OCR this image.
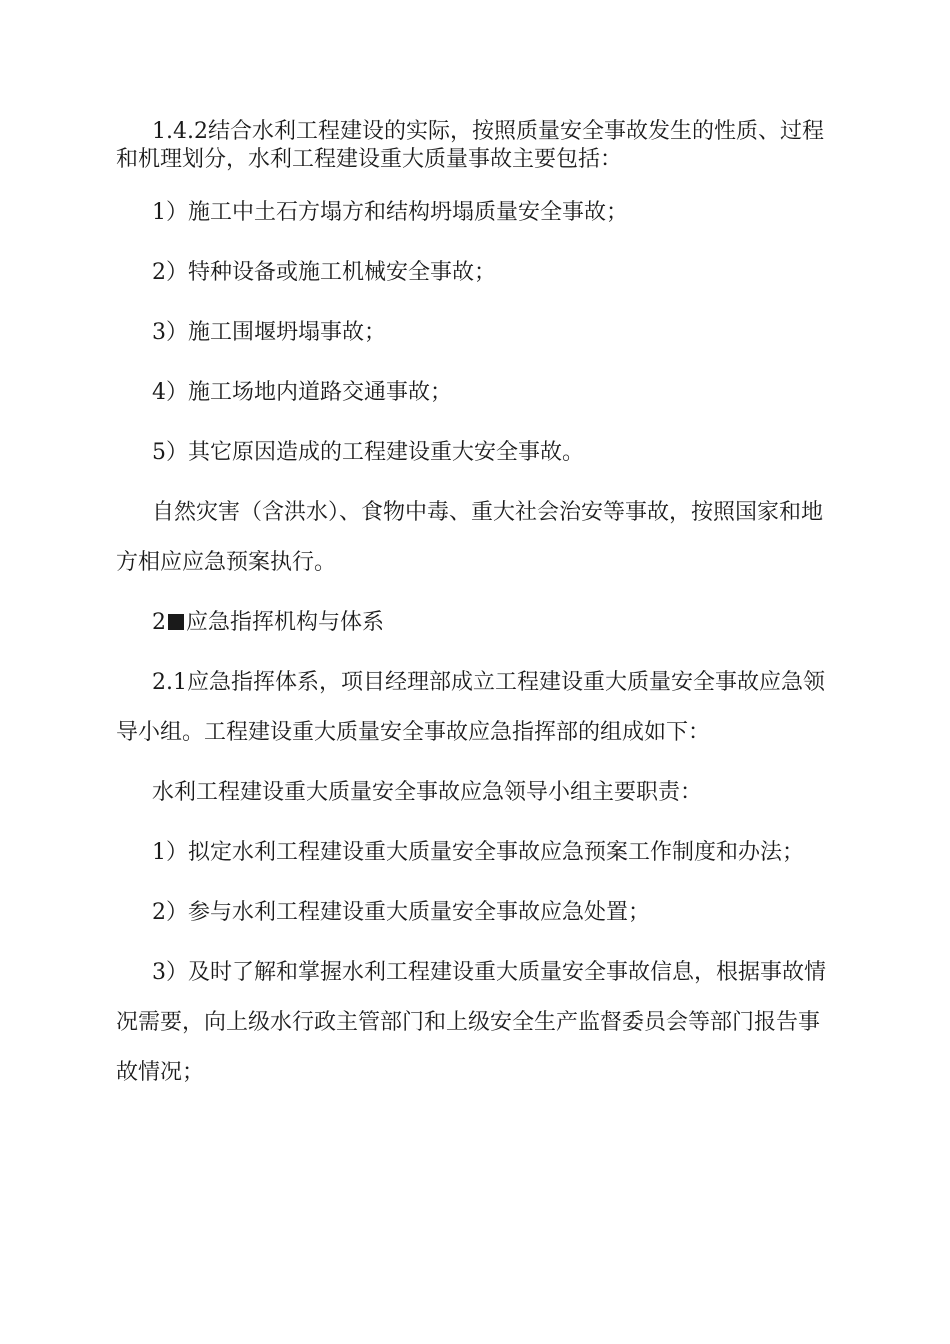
1.4.2结合水利工程建设的实际，按照质量安全事故发生的性质、过程和机理划分，水利工程建设重大质量事故主要包括：

1）施工中土石方塌方和结构坍塌质量安全事故；

2）特种设备或施工机械安全事故；

3）施工围堰坍塌事故；

4）施工场地内道路交通事故；

5）其它原因造成的工程建设重大安全事故。

自然灾害（含洪水）、食物中毒、重大社会治安等事故，按照国家和地方相应应急预案执行。

2 应急指挥机构与体系

2.1应急指挥体系，项目经理部成立工程建设重大质量安全事故应急领导小组。工程建设重大质量安全事故应急指挥部的组成如下：

水利工程建设重大质量安全事故应急领导小组主要职责：

1）拟定水利工程建设重大质量安全事故应急预案工作制度和办法；

2）参与水利工程建设重大质量安全事故应急处置；

3）及时了解和掌握水利工程建设重大质量安全事故信息，根据事故情况需要，向上级水行政主管部门和上级安全生产监督委员会等部门报告事故情况；
